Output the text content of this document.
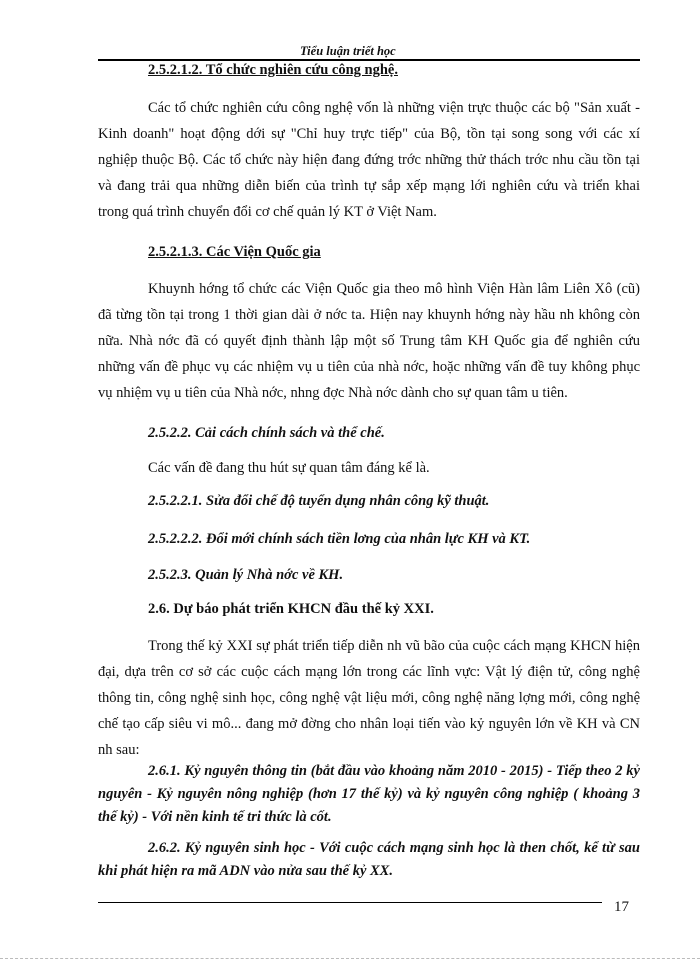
Tiểu luận triết học
2.5.2.1.2. Tổ chức nghiên cứu công nghệ.

Các tổ chức nghiên cứu công nghệ vốn là những viện trực thuộc các bộ "Sản xuất - Kinh doanh" hoạt động dới sự "Chỉ huy trực tiếp" của Bộ, tồn tại song song với các xí nghiệp thuộc Bộ. Các tổ chức này hiện đang đứng trớc những thử thách trớc nhu cầu tồn tại và đang trải qua những diễn biến của trình tự sắp xếp mạng lới nghiên cứu và triển khai trong quá trình chuyển đổi cơ chế quản lý KT ở Việt Nam.

2.5.2.1.3. Các Viện Quốc gia

Khuynh hớng tổ chức các Viện Quốc gia theo mô hình Viện Hàn lâm Liên Xô (cũ) đã từng tồn tại trong 1 thời gian dài ở nớc ta. Hiện nay khuynh hớng này hầu nh không còn nữa. Nhà nớc đã có quyết định thành lập một số Trung tâm KH Quốc gia để nghiên cứu những vấn đề phục vụ các nhiệm vụ u tiên của nhà nớc, hoặc những vấn đề tuy không phục vụ nhiệm vụ u tiên của Nhà nớc, nhng đợc Nhà nớc dành cho sự quan tâm u tiên.

2.5.2.2. Cải cách chính sách và thể chế.

Các vấn đề đang thu hút sự quan tâm đáng kể là.

2.5.2.2.1. Sửa đổi chế độ tuyển dụng nhân công kỹ thuật.
2.5.2.2.2. Đổi mới chính sách tiền lơng của nhân lực KH và KT.
2.5.2.3. Quản lý Nhà nớc về KH.
2.6. Dự báo phát triển KHCN đầu thế kỷ XXI.

Trong thế kỷ XXI sự phát triển tiếp diễn nh vũ bão của cuộc cách mạng KHCN hiện đại, dựa trên cơ sở các cuộc cách mạng lớn trong các lĩnh vực: Vật lý điện tử, công nghệ thông tin, công nghệ sinh học, công nghệ vật liệu mới, công nghệ năng lợng mới, công nghệ chế tạo cấp siêu vi mô... đang mở đờng cho nhân loại tiến vào kỷ nguyên lớn về KH và CN nh sau:

2.6.1. Kỷ nguyên thông tin (bắt đầu vào khoảng năm 2010 - 2015) - Tiếp theo 2 kỷ nguyên - Kỷ nguyên nông nghiệp (hơn 17 thế kỷ) và kỷ nguyên công nghiệp ( khoảng 3 thế kỷ) - Với nền kinh tế tri thức là cốt.

2.6.2. Kỷ nguyên sinh học - Với cuộc cách mạng sinh học là then chốt, kể từ sau khi phát hiện ra mã ADN vào nửa sau thế kỷ XX.

17
